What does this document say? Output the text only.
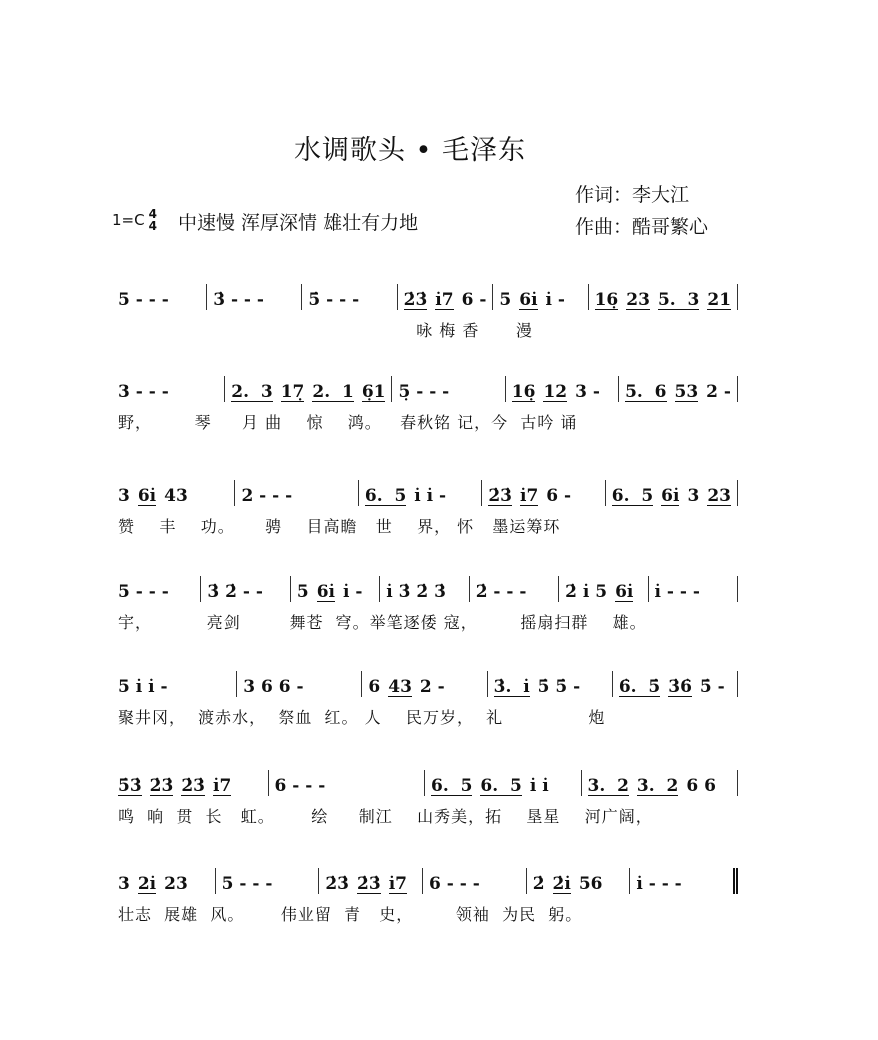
水调歌头 • 毛泽东
作词：李大江
作曲：酷哥繁心
1=C 4
4 中速慢 浑厚深情 雄壮有力地
5 - - -	3̇ - - -	5̇ - - -	2̇3̇ i̇7 6 - 5 6i̇ i̇ - 16̣ 23 5.  3 21
咏 梅 香      漫
3 - - -	2.  3 17̣ 2.  1 6̣1 5̣ - - -	16̣ 12 3 - 5.  6 53 2 -
野，       琴     月 曲    惊    鸿。   春秋铭 记，今  古吟 诵
3 6i̇ 43	2 - - -	6.  5 i̇ i̇ - 2̇3̇ i̇7 6 - 6.  5 6i̇ 3 23
赞    丰    功。     骋    目高瞻   世    界， 怀   墨运筹环
5 - - - 3̇ 2̇ - - 5 6i̇ i̇ - i̇ 3̇ 2̇ 3̇ 2̇ - - - 2̇ i̇ 5 6i̇ i̇ - - -
宇，         亮剑        舞苍  穹。举笔逐倭 寇，       摇扇扫群    雄。
5 i̇ i̇ -	3 6 6 -	6 43 2 -	3̇.  i̇ 5̇ 5̇ - 6̇.  5̇ 3̇6̇ 5̇ -
聚井冈，  渡赤水，  祭血  红。 人    民万岁，  礼              炮
5̇3̇ 2̇3̇ 2̇3̇ i̇7	6 - - -	6.  5 6.  5 i̇ i̇ 3.  2 3.  2 6 6
鸣  响  贯  长   虹。      绘     制江    山秀美，拓    垦星    河广阔，
3 2i̇ 23 5 - - -	2̇3̇ 2̇3̇ i̇7 6 - - -	2̇ 2̇i̇ 56 i̇ - - -
壮志  展雄  风。      伟业留  青   史，       领袖  为民  躬。
